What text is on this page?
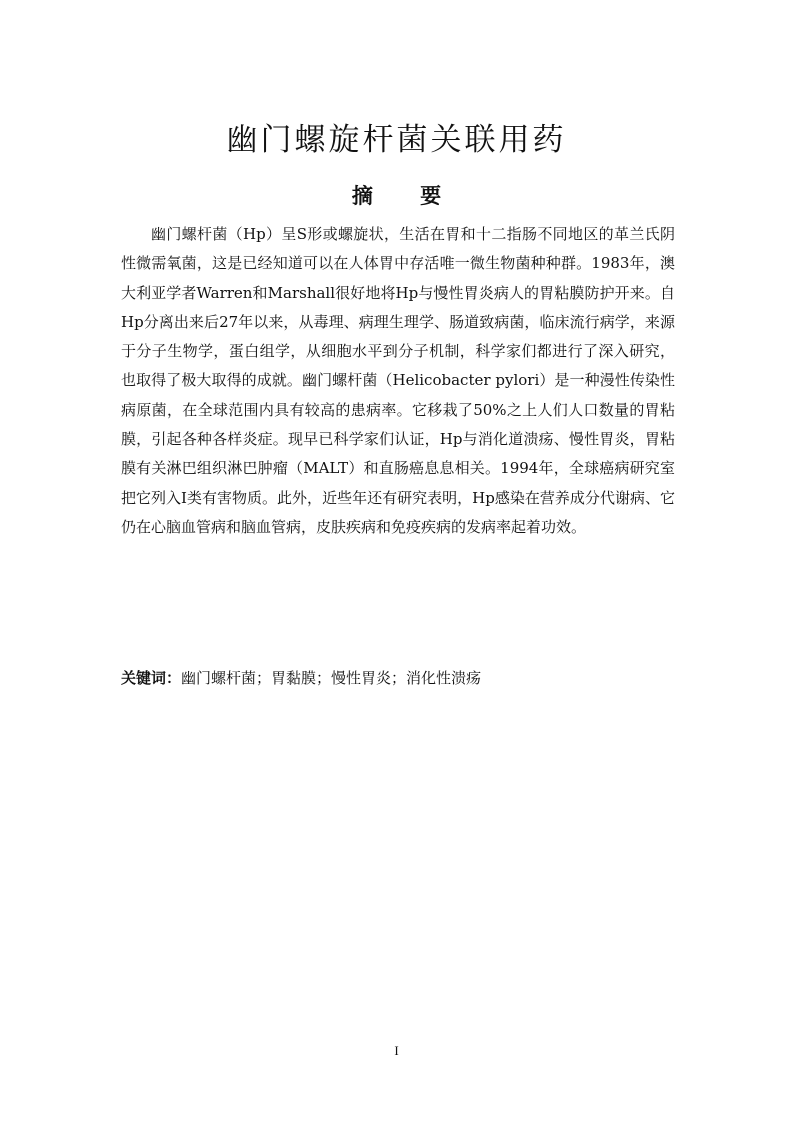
幽门螺旋杆菌关联用药
摘 要

幽门螺杆菌（Hp）呈S形或螺旋状，生活在胃和十二指肠不同地区的革兰氏阴性微需氧菌，这是已经知道可以在人体胃中存活唯一微生物菌种种群。1983年，澳大利亚学者Warren和Marshall很好地将Hp与慢性胃炎病人的胃粘膜防护开来。自Hp分离出来后27年以来，从毒理、病理生理学、肠道致病菌，临床流行病学，来源于分子生物学，蛋白组学，从细胞水平到分子机制，科学家们都进行了深入研究，也取得了极大取得的成就。幽门螺杆菌（Helicobacter pylori）是一种漫性传染性病原菌，在全球范围内具有较高的患病率。它移栽了50%之上人们人口数量的胃粘膜，引起各种各样炎症。现早已科学家们认证，Hp与消化道溃疡、慢性胃炎，胃粘膜有关淋巴组织淋巴肿瘤（MALT）和直肠癌息息相关。1994年，全球癌病研究室把它列入I类有害物质。此外，近些年还有研究表明，Hp感染在营养成分代谢病、它仍在心脑血管病和脑血管病，皮肤疾病和免疫疾病的发病率起着功效。

关键词：幽门螺杆菌；胃黏膜；慢性胃炎；消化性溃疡
I
